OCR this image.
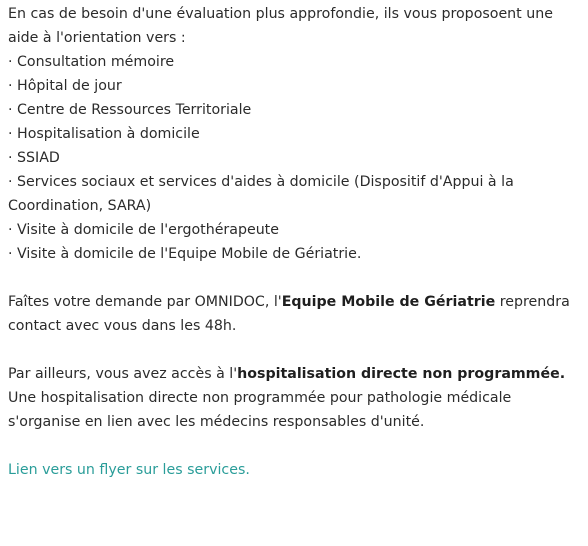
En cas de besoin d'une évaluation plus approfondie, ils vous proposoent une
aide à l'orientation vers :
· Consultation mémoire
· Hôpital de jour
· Centre de Ressources Territoriale
· Hospitalisation à domicile
· SSIAD
· Services sociaux et services d'aides à domicile (Dispositif d'Appui à la
Coordination, SARA)
· Visite à domicile de l'ergothérapeute
· Visite à domicile de l'Equipe Mobile de Gériatrie.
Faîtes votre demande par OMNIDOC, l'Equipe Mobile de Gériatrie reprendra
contact avec vous dans les 48h.
Par ailleurs, vous avez accès à l'hospitalisation directe non programmée.
Une hospitalisation directe non programmée pour pathologie médicale
s'organise en lien avec les médecins responsables d'unité.
Lien vers un flyer sur les services.
